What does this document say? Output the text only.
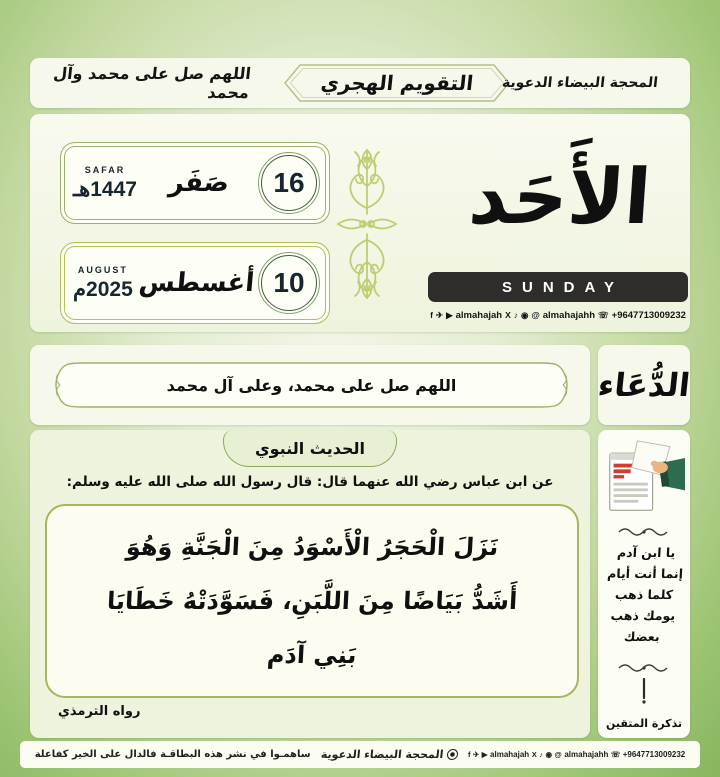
اللهم صل على محمد وآل محمد	التقويم الهجري	المحجة البيضاء الدعوية
16
صَفَر
SAFAR
1447هـ
10
أغسطس
AUGUST
2025م
الأَحَد
SUNDAY
f ✈ ▶ almahajah X ♪ ◉ @ almahajahh ☏ +9647713009232
اللهم صل على محمد، وعلى آل محمد	الدُّعَاء
الحديث النبوي
عن ابن عباس رضي الله عنهما قال: قال رسول الله صلى الله عليه وسلم:
نَزَلَ الْحَجَرُ الْأَسْوَدُ مِنَ الْجَنَّةِ وَهُوَ
أَشَدُّ بَيَاضًا مِنَ اللَّبَنِ، فَسَوَّدَتْهُ خَطَايَا
بَنِي آدَم
رواه الترمذي
يا ابن آدم
إنما أنت أيام
كلما ذهب
يومك ذهب
بعضك
تذكرة المتقين
ساهمـوا في نشر هذه البطاقـة فالدال على الخير كفاعلة المحجة البيضاء الدعوية	f ✈ ▶ almahajah X ♪ ◉ @ almahajahh ☏ +9647713009232
